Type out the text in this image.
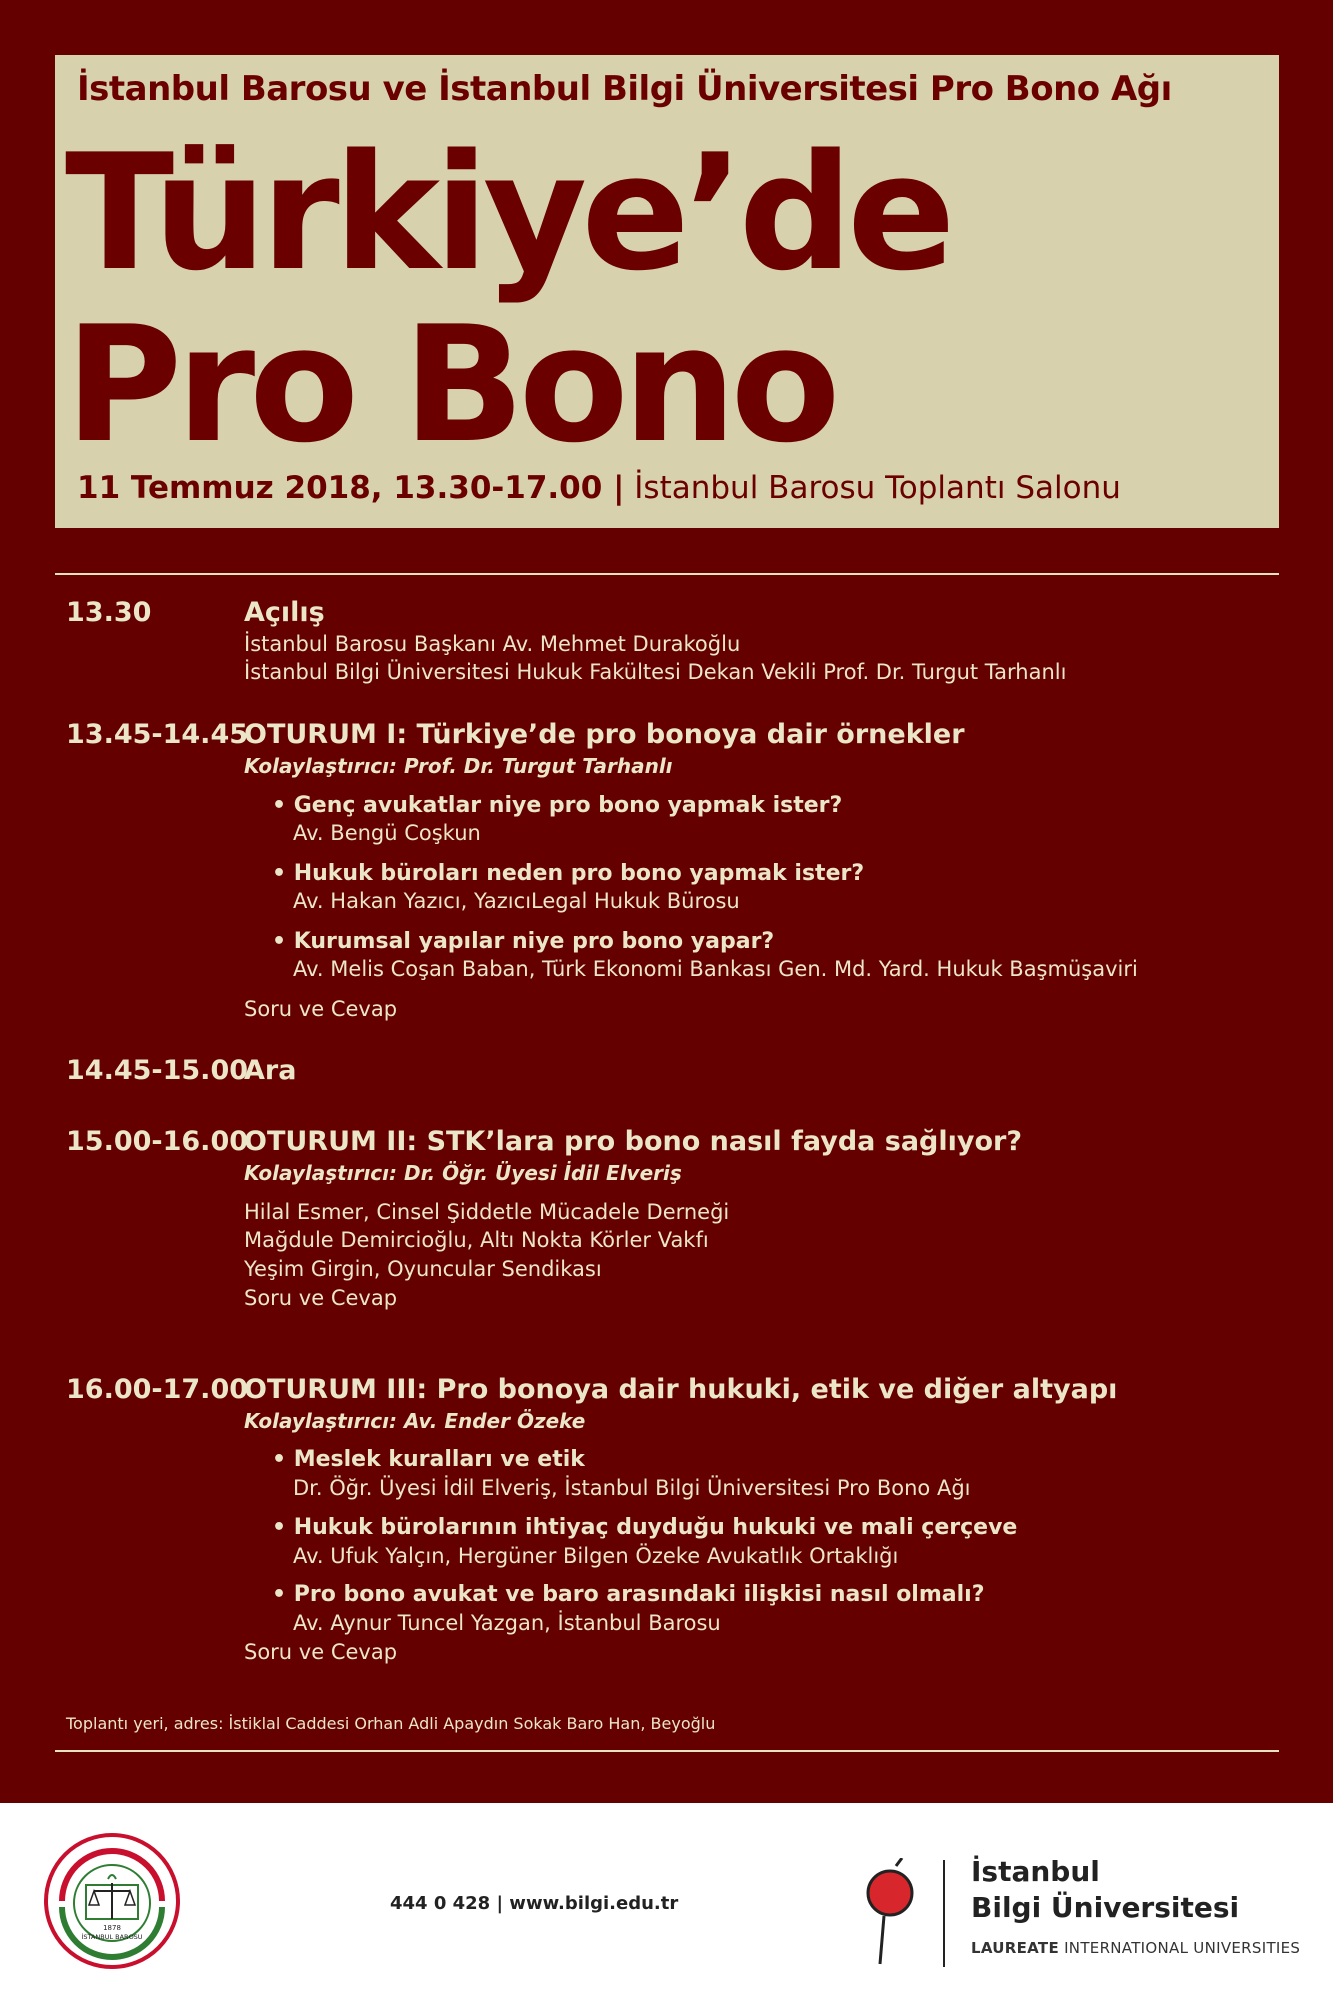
İstanbul Barosu ve İstanbul Bilgi Üniversitesi Pro Bono Ağı
Türkiye’de
Pro Bono
11 Temmuz 2018, 13.30-17.00 | İstanbul Barosu Toplantı Salonu
13.30	Açılış
İstanbul Barosu Başkanı Av. Mehmet Durakoğlu
İstanbul Bilgi Üniversitesi Hukuk Fakültesi Dekan Vekili Prof. Dr. Turgut Tarhanlı
13.45-14.45
OTURUM I: Türkiye’de pro bonoya dair örnekler
Kolaylaştırıcı: Prof. Dr. Turgut Tarhanlı
• Genç avukatlar niye pro bono yapmak ister?
Av. Bengü Coşkun
• Hukuk büroları neden pro bono yapmak ister?
Av. Hakan Yazıcı, YazıcıLegal Hukuk Bürosu
• Kurumsal yapılar niye pro bono yapar?
Av. Melis Coşan Baban, Türk Ekonomi Bankası Gen. Md. Yard. Hukuk Başmüşaviri
Soru ve Cevap
14.45-15.00
Ara
15.00-16.00
OTURUM II: STK’lara pro bono nasıl fayda sağlıyor?
Kolaylaştırıcı: Dr. Öğr. Üyesi İdil Elveriş
Hilal Esmer, Cinsel Şiddetle Mücadele Derneği
Mağdule Demircioğlu, Altı Nokta Körler Vakfı
Yeşim Girgin, Oyuncular Sendikası
Soru ve Cevap
16.00-17.00
OTURUM III: Pro bonoya dair hukuki, etik ve diğer altyapı
Kolaylaştırıcı: Av. Ender Özeke
• Meslek kuralları ve etik
Dr. Öğr. Üyesi İdil Elveriş, İstanbul Bilgi Üniversitesi Pro Bono Ağı
• Hukuk bürolarının ihtiyaç duyduğu hukuki ve mali çerçeve
Av. Ufuk Yalçın, Hergüner Bilgen Özeke Avukatlık Ortaklığı
• Pro bono avukat ve baro arasındaki ilişkisi nasıl olmalı?
Av. Aynur Tuncel Yazgan, İstanbul Barosu
Soru ve Cevap
Toplantı yeri, adres: İstiklal Caddesi Orhan Adli Apaydın Sokak Baro Han, Beyoğlu
1878
İSTANBUL BAROSU
444 0 428 | www.bilgi.edu.tr
İstanbul
Bilgi Üniversitesi
LAUREATE INTERNATIONAL UNIVERSITIES
